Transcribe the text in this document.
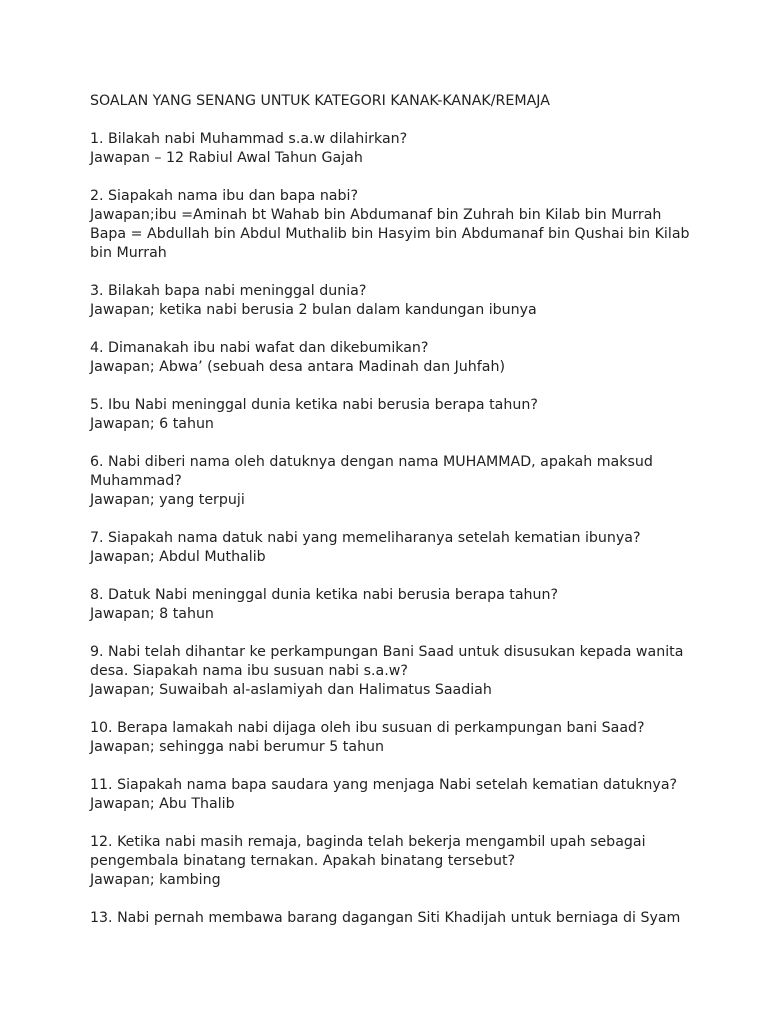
SOALAN YANG SENANG UNTUK KATEGORI KANAK-KANAK/REMAJA
1. Bilakah nabi Muhammad s.a.w dilahirkan?
Jawapan – 12 Rabiul Awal Tahun Gajah
2. Siapakah nama ibu dan bapa nabi?
Jawapan;ibu =Aminah bt Wahab bin Abdumanaf bin Zuhrah bin Kilab bin Murrah
Bapa = Abdullah bin Abdul Muthalib bin Hasyim bin Abdumanaf bin Qushai bin Kilab
bin Murrah
3. Bilakah bapa nabi meninggal dunia?
Jawapan; ketika nabi berusia 2 bulan dalam kandungan ibunya
4. Dimanakah ibu nabi wafat dan dikebumikan?
Jawapan; Abwa’ (sebuah desa antara Madinah dan Juhfah)
5. Ibu Nabi meninggal dunia ketika nabi berusia berapa tahun?
Jawapan; 6 tahun
6. Nabi diberi nama oleh datuknya dengan nama MUHAMMAD, apakah maksud
Muhammad?
Jawapan; yang terpuji
7. Siapakah nama datuk nabi yang memeliharanya setelah kematian ibunya?
Jawapan; Abdul Muthalib
8. Datuk Nabi meninggal dunia ketika nabi berusia berapa tahun?
Jawapan; 8 tahun
9. Nabi telah dihantar ke perkampungan Bani Saad untuk disusukan kepada wanita
desa. Siapakah nama ibu susuan nabi s.a.w?
Jawapan; Suwaibah al-aslamiyah dan Halimatus Saadiah
10. Berapa lamakah nabi dijaga oleh ibu susuan di perkampungan bani Saad?
Jawapan; sehingga nabi berumur 5 tahun
11. Siapakah nama bapa saudara yang menjaga Nabi setelah kematian datuknya?
Jawapan; Abu Thalib
12. Ketika nabi masih remaja, baginda telah bekerja mengambil upah sebagai
pengembala binatang ternakan. Apakah binatang tersebut?
Jawapan; kambing
13. Nabi pernah membawa barang dagangan Siti Khadijah untuk berniaga di Syam
